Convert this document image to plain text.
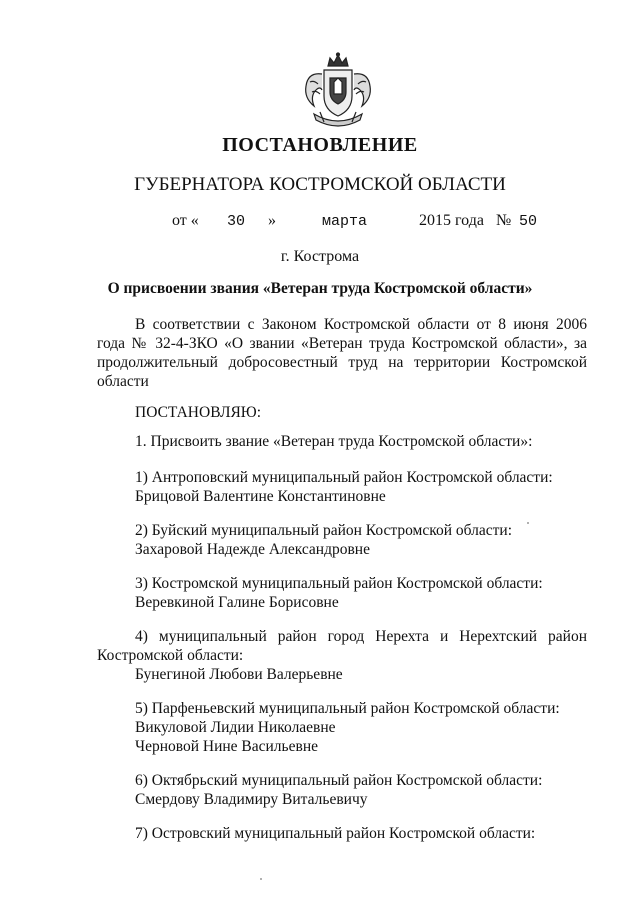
ПОСТАНОВЛЕНИЕ
ГУБЕРНАТОРА КОСТРОМСКОЙ ОБЛАСТИ
от « 30 »	марта	2015 года № 50
г. Кострома
О присвоении звания «Ветеран труда Костромской области»
В соответствии с Законом Костромской области от 8 июня 2006 года № 32-4-ЗКО «О звании «Ветеран труда Костромской области», за продолжительный добросовестный труд на территории Костромской области
ПОСТАНОВЛЯЮ:
1. Присвоить звание «Ветеран труда Костромской области»:
1) Антроповский муниципальный район Костромской области:
Брицовой Валентине Константиновне
2) Буйский муниципальный район Костромской области:
Захаровой Надежде Александровне
3) Костромской муниципальный район Костромской области:
Веревкиной Галине Борисовне
4) муниципальный район город Нерехта и Нерехтский район
Костромской области:
Бунегиной Любови Валерьевне
5) Парфеньевский муниципальный район Костромской области:
Викуловой Лидии Николаевне
Черновой Нине Васильевне
6) Октябрьский муниципальный район Костромской области:
Смердову Владимиру Витальевичу
7) Островский муниципальный район Костромской области:
